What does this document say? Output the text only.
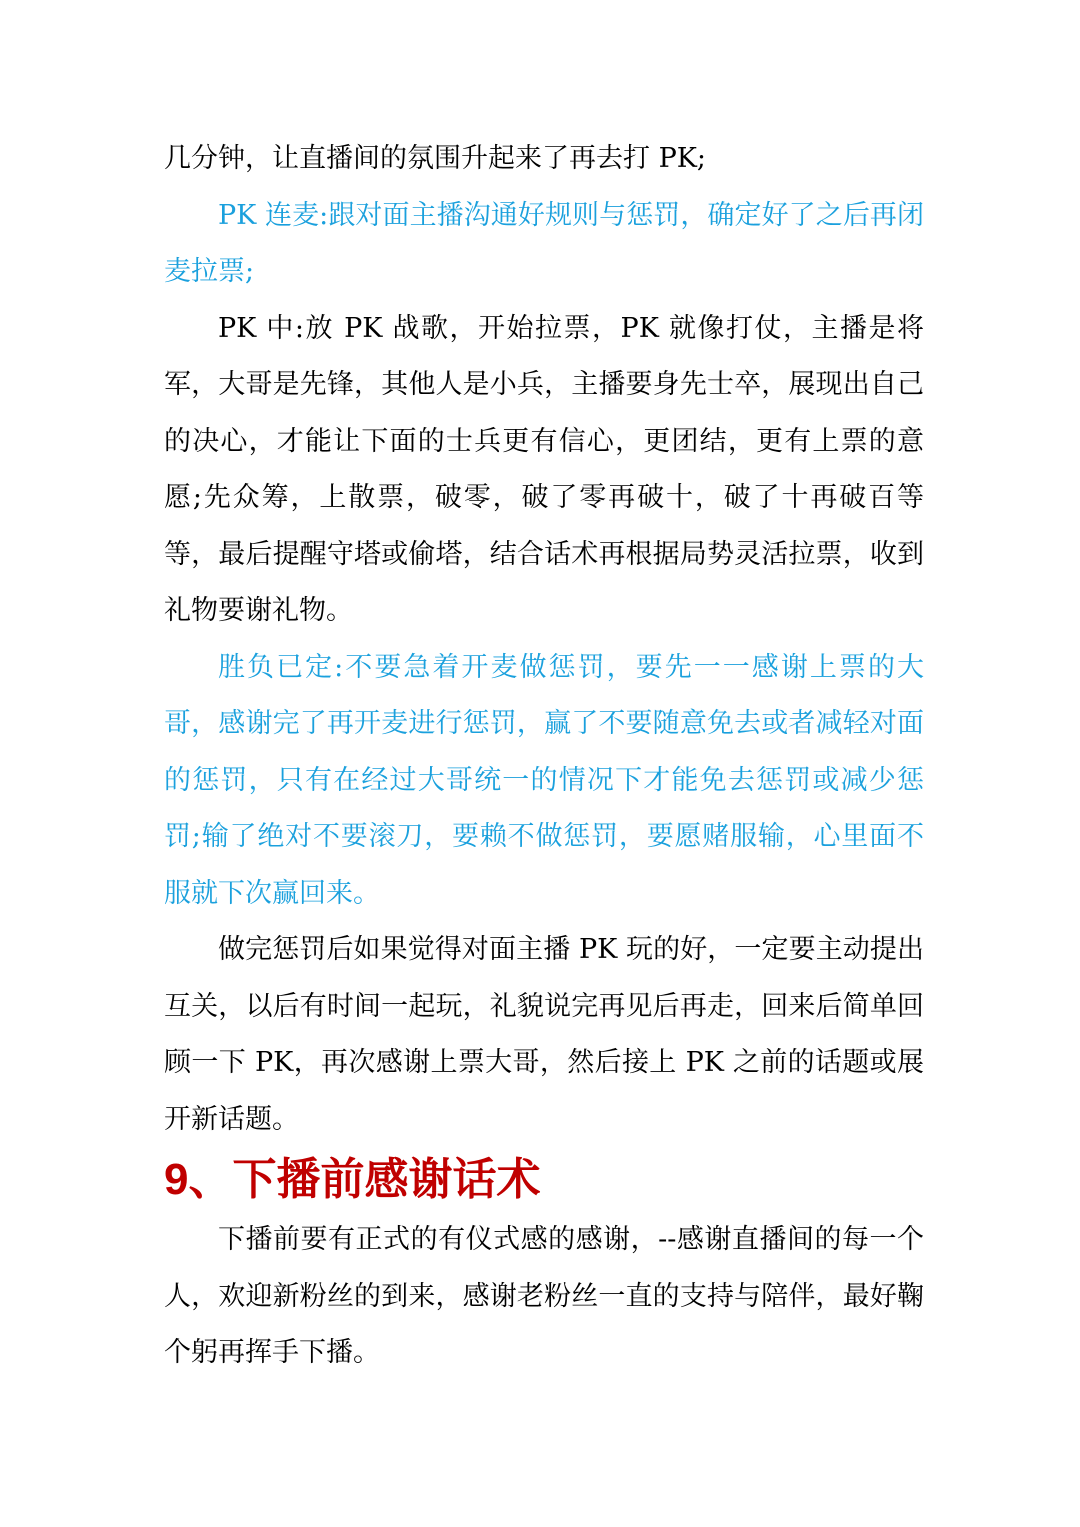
几分钟，让直播间的氛围升起来了再去打 PK;

PK 连麦:跟对面主播沟通好规则与惩罚，确定好了之后再闭麦拉票;

PK 中:放 PK 战歌，开始拉票，PK 就像打仗，主播是将军，大哥是先锋，其他人是小兵，主播要身先士卒，展现出自己的决心，才能让下面的士兵更有信心，更团结，更有上票的意愿;先众筹，上散票，破零，破了零再破十，破了十再破百等等，最后提醒守塔或偷塔，结合话术再根据局势灵活拉票，收到礼物要谢礼物。

胜负已定:不要急着开麦做惩罚，要先一一感谢上票的大哥，感谢完了再开麦进行惩罚，赢了不要随意免去或者减轻对面的惩罚，只有在经过大哥统一的情况下才能免去惩罚或减少惩罚;输了绝对不要滚刀，要赖不做惩罚，要愿赌服输，心里面不服就下次赢回来。

做完惩罚后如果觉得对面主播 PK 玩的好，一定要主动提出互关，以后有时间一起玩，礼貌说完再见后再走，回来后简单回顾一下 PK，再次感谢上票大哥，然后接上 PK 之前的话题或展开新话题。

9、下播前感谢话术

下播前要有正式的有仪式感的感谢，--感谢直播间的每一个人，欢迎新粉丝的到来，感谢老粉丝一直的支持与陪伴，最好鞠个躬再挥手下播。
